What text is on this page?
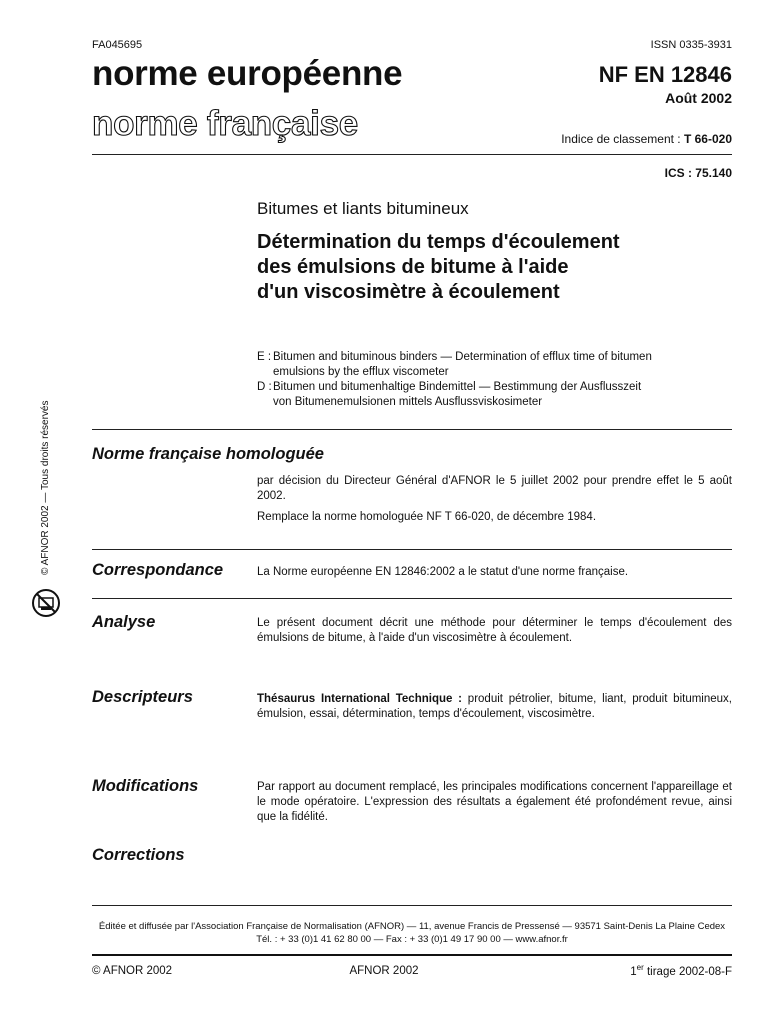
FA045695	ISSN 0335-3931
norme européenne
norme française
NF EN 12846
Août 2002
Indice de classement : T 66-020
ICS : 75.140
Bitumes et liants bitumineux
Détermination du temps d'écoulement
des émulsions de bitume à l'aide
d'un viscosimètre à écoulement
E : Bitumen and bituminous binders — Determination of efflux time of bitumen
emulsions by the efflux viscometer
D :Bitumen und bitumenhaltige Bindemittel — Bestimmung der Ausflusszeit
von Bitumenemulsionen mittels Ausflussviskosimeter
Norme française homologuée

par décision du Directeur Général d'AFNOR le 5 juillet 2002 pour prendre effet le 5 août 2002.

Remplace la norme homologuée NF T 66-020, de décembre 1984.

Correspondance	La Norme européenne EN 12846:2002 a le statut d'une norme française.
Analyse	Le présent document décrit une méthode pour déterminer le temps d'écoulement des émulsions de bitume, à l'aide d'un viscosimètre à écoulement.
Descripteurs	Thésaurus International Technique : produit pétrolier, bitume, liant, produit bitumineux, émulsion, essai, détermination, temps d'écoulement, viscosimètre.
Modifications	Par rapport au document remplacé, les principales modifications concernent l'appareillage et le mode opératoire. L'expression des résultats a également été profondément revue, ainsi que la fidélité.
Corrections
© AFNOR 2002 — Tous droits réservés
Éditée et diffusée par l'Association Française de Normalisation (AFNOR) — 11, avenue Francis de Pressensé — 93571 Saint-Denis La Plaine Cedex
Tél. : + 33 (0)1 41 62 80 00 — Fax : + 33 (0)1 49 17 90 00 — www.afnor.fr
© AFNOR 2002	AFNOR 2002	1er tirage 2002-08-F
